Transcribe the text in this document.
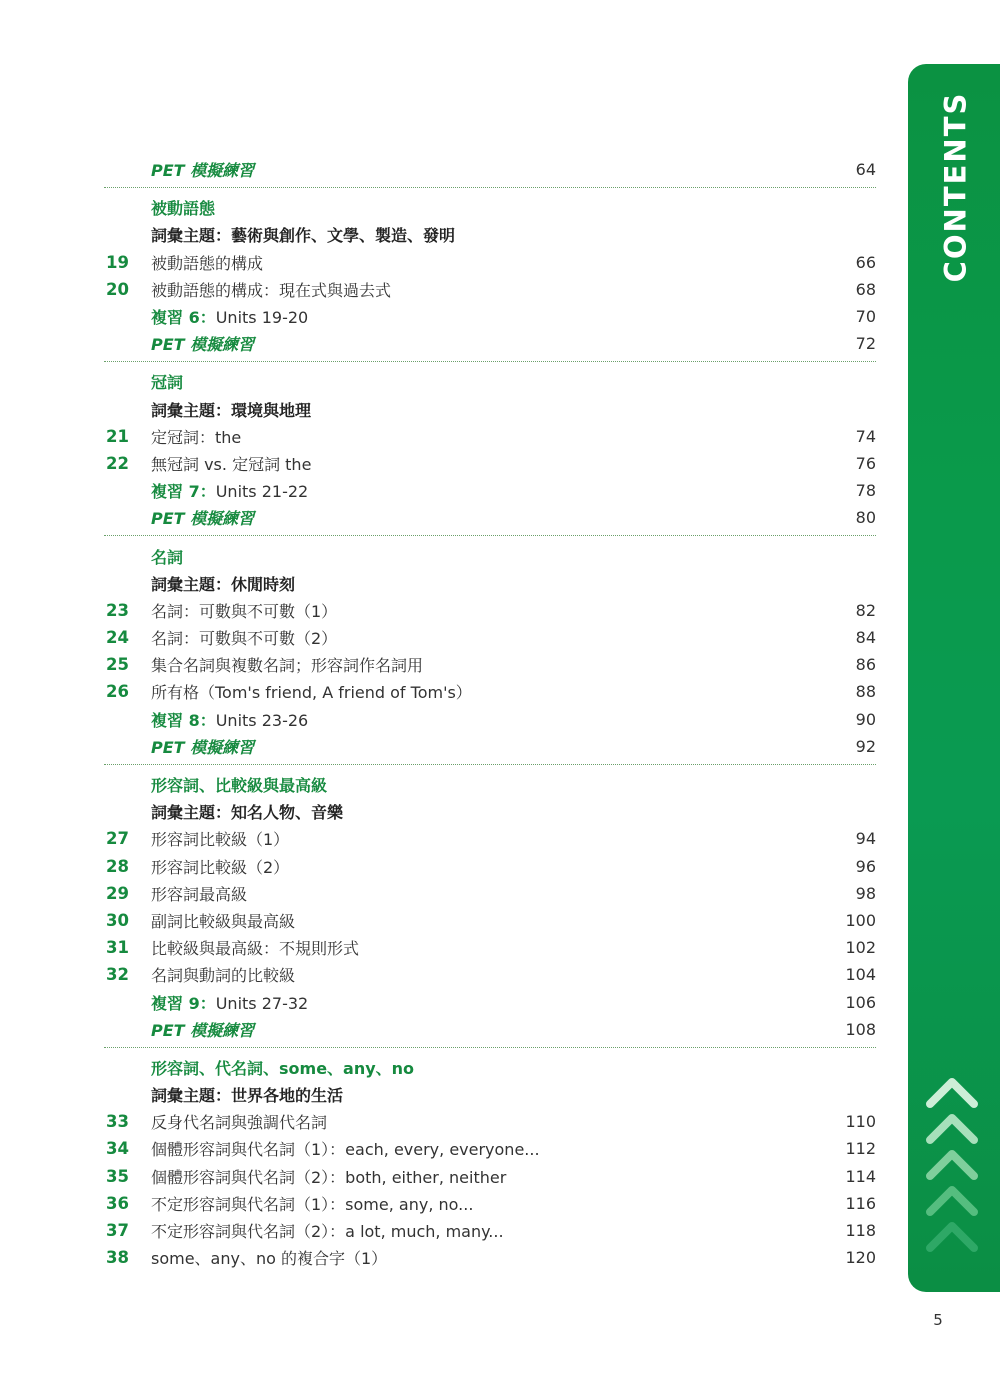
PET 模擬練習	64
被動語態
詞彙主題：藝術與創作、文學、製造、發明
19	被動語態的構成	66
20	被動語態的構成：現在式與過去式	68
複習 6：Units 19-20	70
PET 模擬練習	72
冠詞
詞彙主題：環境與地理
21	定冠詞：the	74
22	無冠詞 vs. 定冠詞 the	76
複習 7：Units 21-22	78
PET 模擬練習	80
名詞
詞彙主題：休閒時刻
23	名詞：可數與不可數（1）	82
24	名詞：可數與不可數（2）	84
25	集合名詞與複數名詞；形容詞作名詞用	86
26	所有格（Tom's friend, A friend of Tom's）	88
複習 8：Units 23-26	90
PET 模擬練習	92
形容詞、比較級與最高級
詞彙主題：知名人物、音樂
27	形容詞比較級（1）	94
28	形容詞比較級（2）	96
29	形容詞最高級	98
30	副詞比較級與最高級	100
31	比較級與最高級：不規則形式	102
32	名詞與動詞的比較級	104
複習 9：Units 27-32	106
PET 模擬練習	108
形容詞、代名詞、some、any、no
詞彙主題：世界各地的生活
33	反身代名詞與強調代名詞	110
34	個體形容詞與代名詞（1）：each, every, everyone...	112
35	個體形容詞與代名詞（2）：both, either, neither	114
36	不定形容詞與代名詞（1）：some, any, no...	116
37	不定形容詞與代名詞（2）：a lot, much, many...	118
38	some、any、no 的複合字（1）	120
CONTENTS
5
